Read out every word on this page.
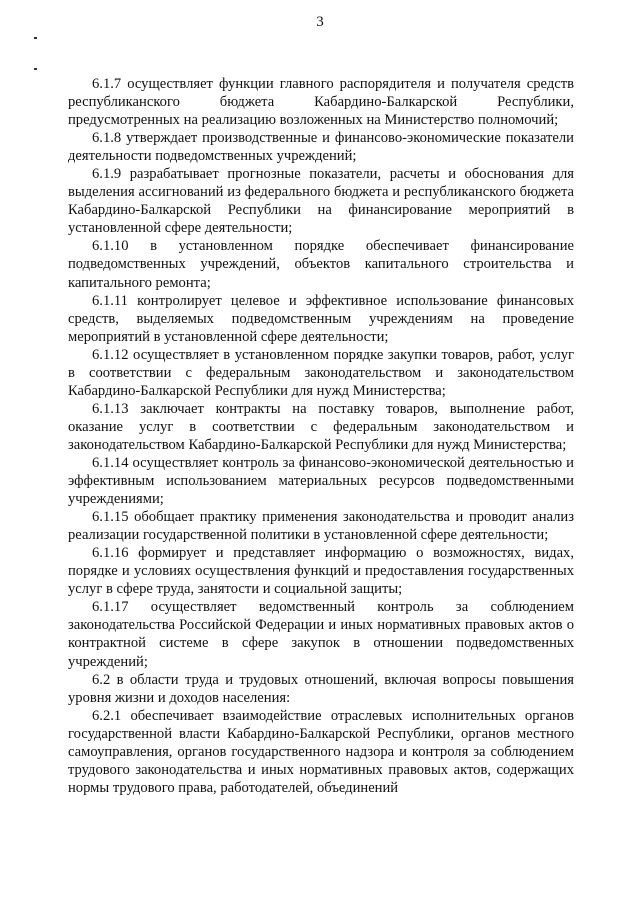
3

6.1.7 осуществляет функции главного распорядителя и получателя средств республиканского бюджета Кабардино-Балкарской Республики, предусмотренных на реализацию возложенных на Министерство полномочий;

6.1.8 утверждает производственные и финансово-экономические показатели деятельности подведомственных учреждений;

6.1.9 разрабатывает прогнозные показатели, расчеты и обоснования для выделения ассигнований из федерального бюджета и республиканского бюджета Кабардино-Балкарской Республики на финансирование мероприятий в установленной сфере деятельности;

6.1.10 в установленном порядке обеспечивает финансирование подведомственных учреждений, объектов капитального строительства и капитального ремонта;

6.1.11 контролирует целевое и эффективное использование финансовых средств, выделяемых подведомственным учреждениям на проведение мероприятий в установленной сфере деятельности;

6.1.12 осуществляет в установленном порядке закупки товаров, работ, услуг в соответствии с федеральным законодательством и законодательством Кабардино-Балкарской Республики для нужд Министерства;

6.1.13 заключает контракты на поставку товаров, выполнение работ, оказание услуг в соответствии с федеральным законодательством и законодательством Кабардино-Балкарской Республики для нужд Министерства;

6.1.14 осуществляет контроль за финансово-экономической деятельностью и эффективным использованием материальных ресурсов подведомственными учреждениями;

6.1.15 обобщает практику применения законодательства и проводит анализ реализации государственной политики в установленной сфере деятельности;

6.1.16 формирует и представляет информацию о возможностях, видах, порядке и условиях осуществления функций и предоставления государственных услуг в сфере труда, занятости и социальной защиты;

6.1.17 осуществляет ведомственный контроль за соблюдением законодательства Российской Федерации и иных нормативных правовых актов о контрактной системе в сфере закупок в отношении подведомственных учреждений;

6.2 в области труда и трудовых отношений, включая вопросы повышения уровня жизни и доходов населения:

6.2.1 обеспечивает взаимодействие отраслевых исполнительных органов государственной власти Кабардино-Балкарской Республики, органов местного самоуправления, органов государственного надзора и контроля за соблюдением трудового законодательства и иных нормативных правовых актов, содержащих нормы трудового права, работодателей, объединений
